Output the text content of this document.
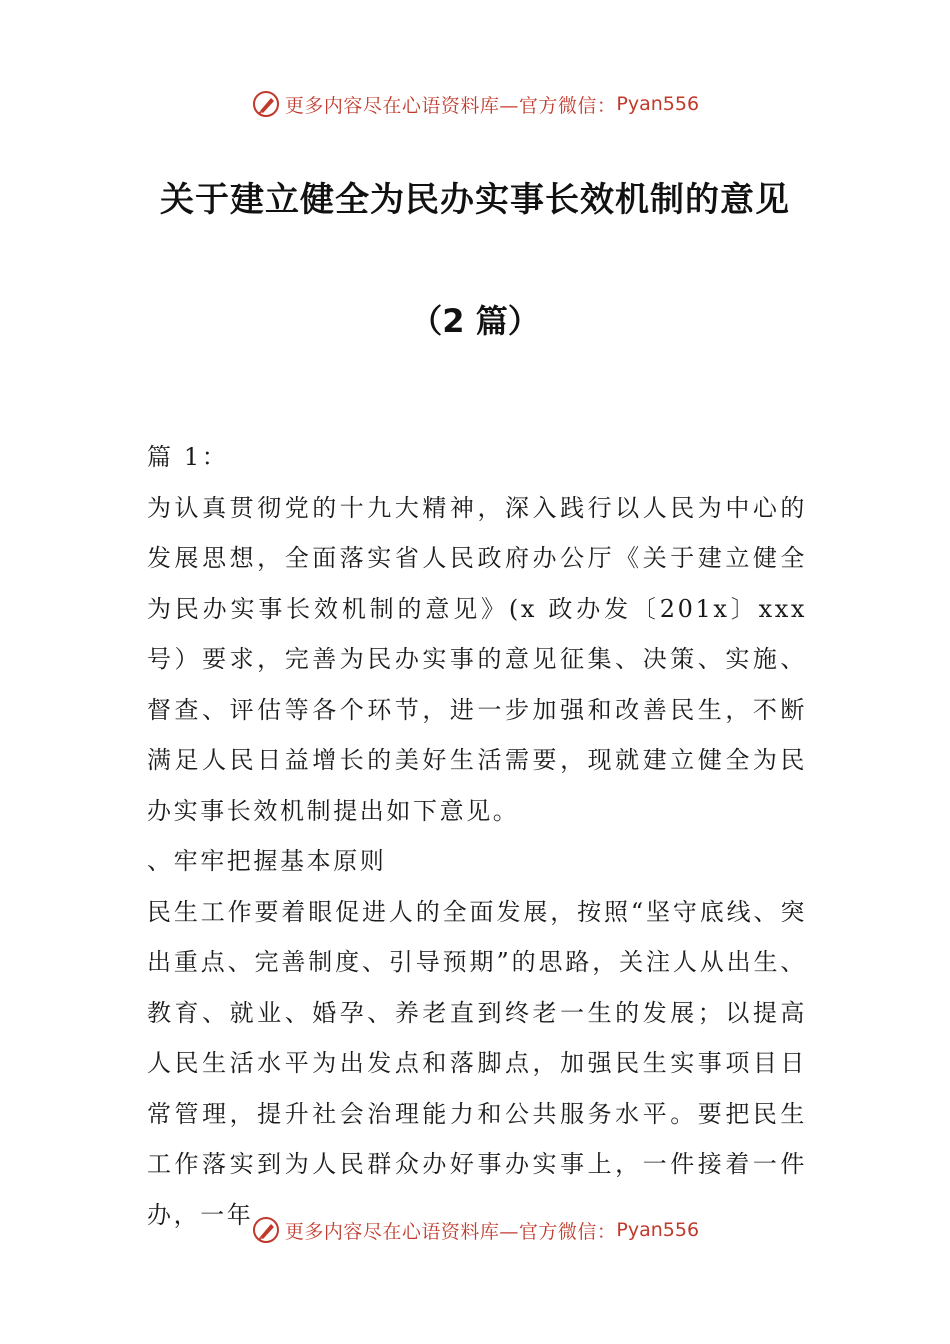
更多内容尽在心语资料库—官方微信： Pyan556
关于建立健全为民办实事长效机制的意见
（2 篇）

篇 1：

为认真贯彻党的十九大精神，深入践行以人民为中心的发展思想，全面落实省人民政府办公厅《关于建立健全为民办实事长效机制的意见》(x 政办发〔201x〕xxx 号）要求，完善为民办实事的意见征集、决策、实施、督查、评估等各个环节，进一步加强和改善民生，不断满足人民日益增长的美好生活需要，现就建立健全为民办实事长效机制提出如下意见。

、牢牢把握基本原则

民生工作要着眼促进人的全面发展，按照“坚守底线、突出重点、完善制度、引导预期”的思路，关注人从出生、教育、就业、婚孕、养老直到终老一生的发展；以提高人民生活水平为出发点和落脚点，加强民生实事项目日常管理，提升社会治理能力和公共服务水平。要把民生工作落实到为人民群众办好事办实事上，一件接着一件办，一年

更多内容尽在心语资料库—官方微信： Pyan556
